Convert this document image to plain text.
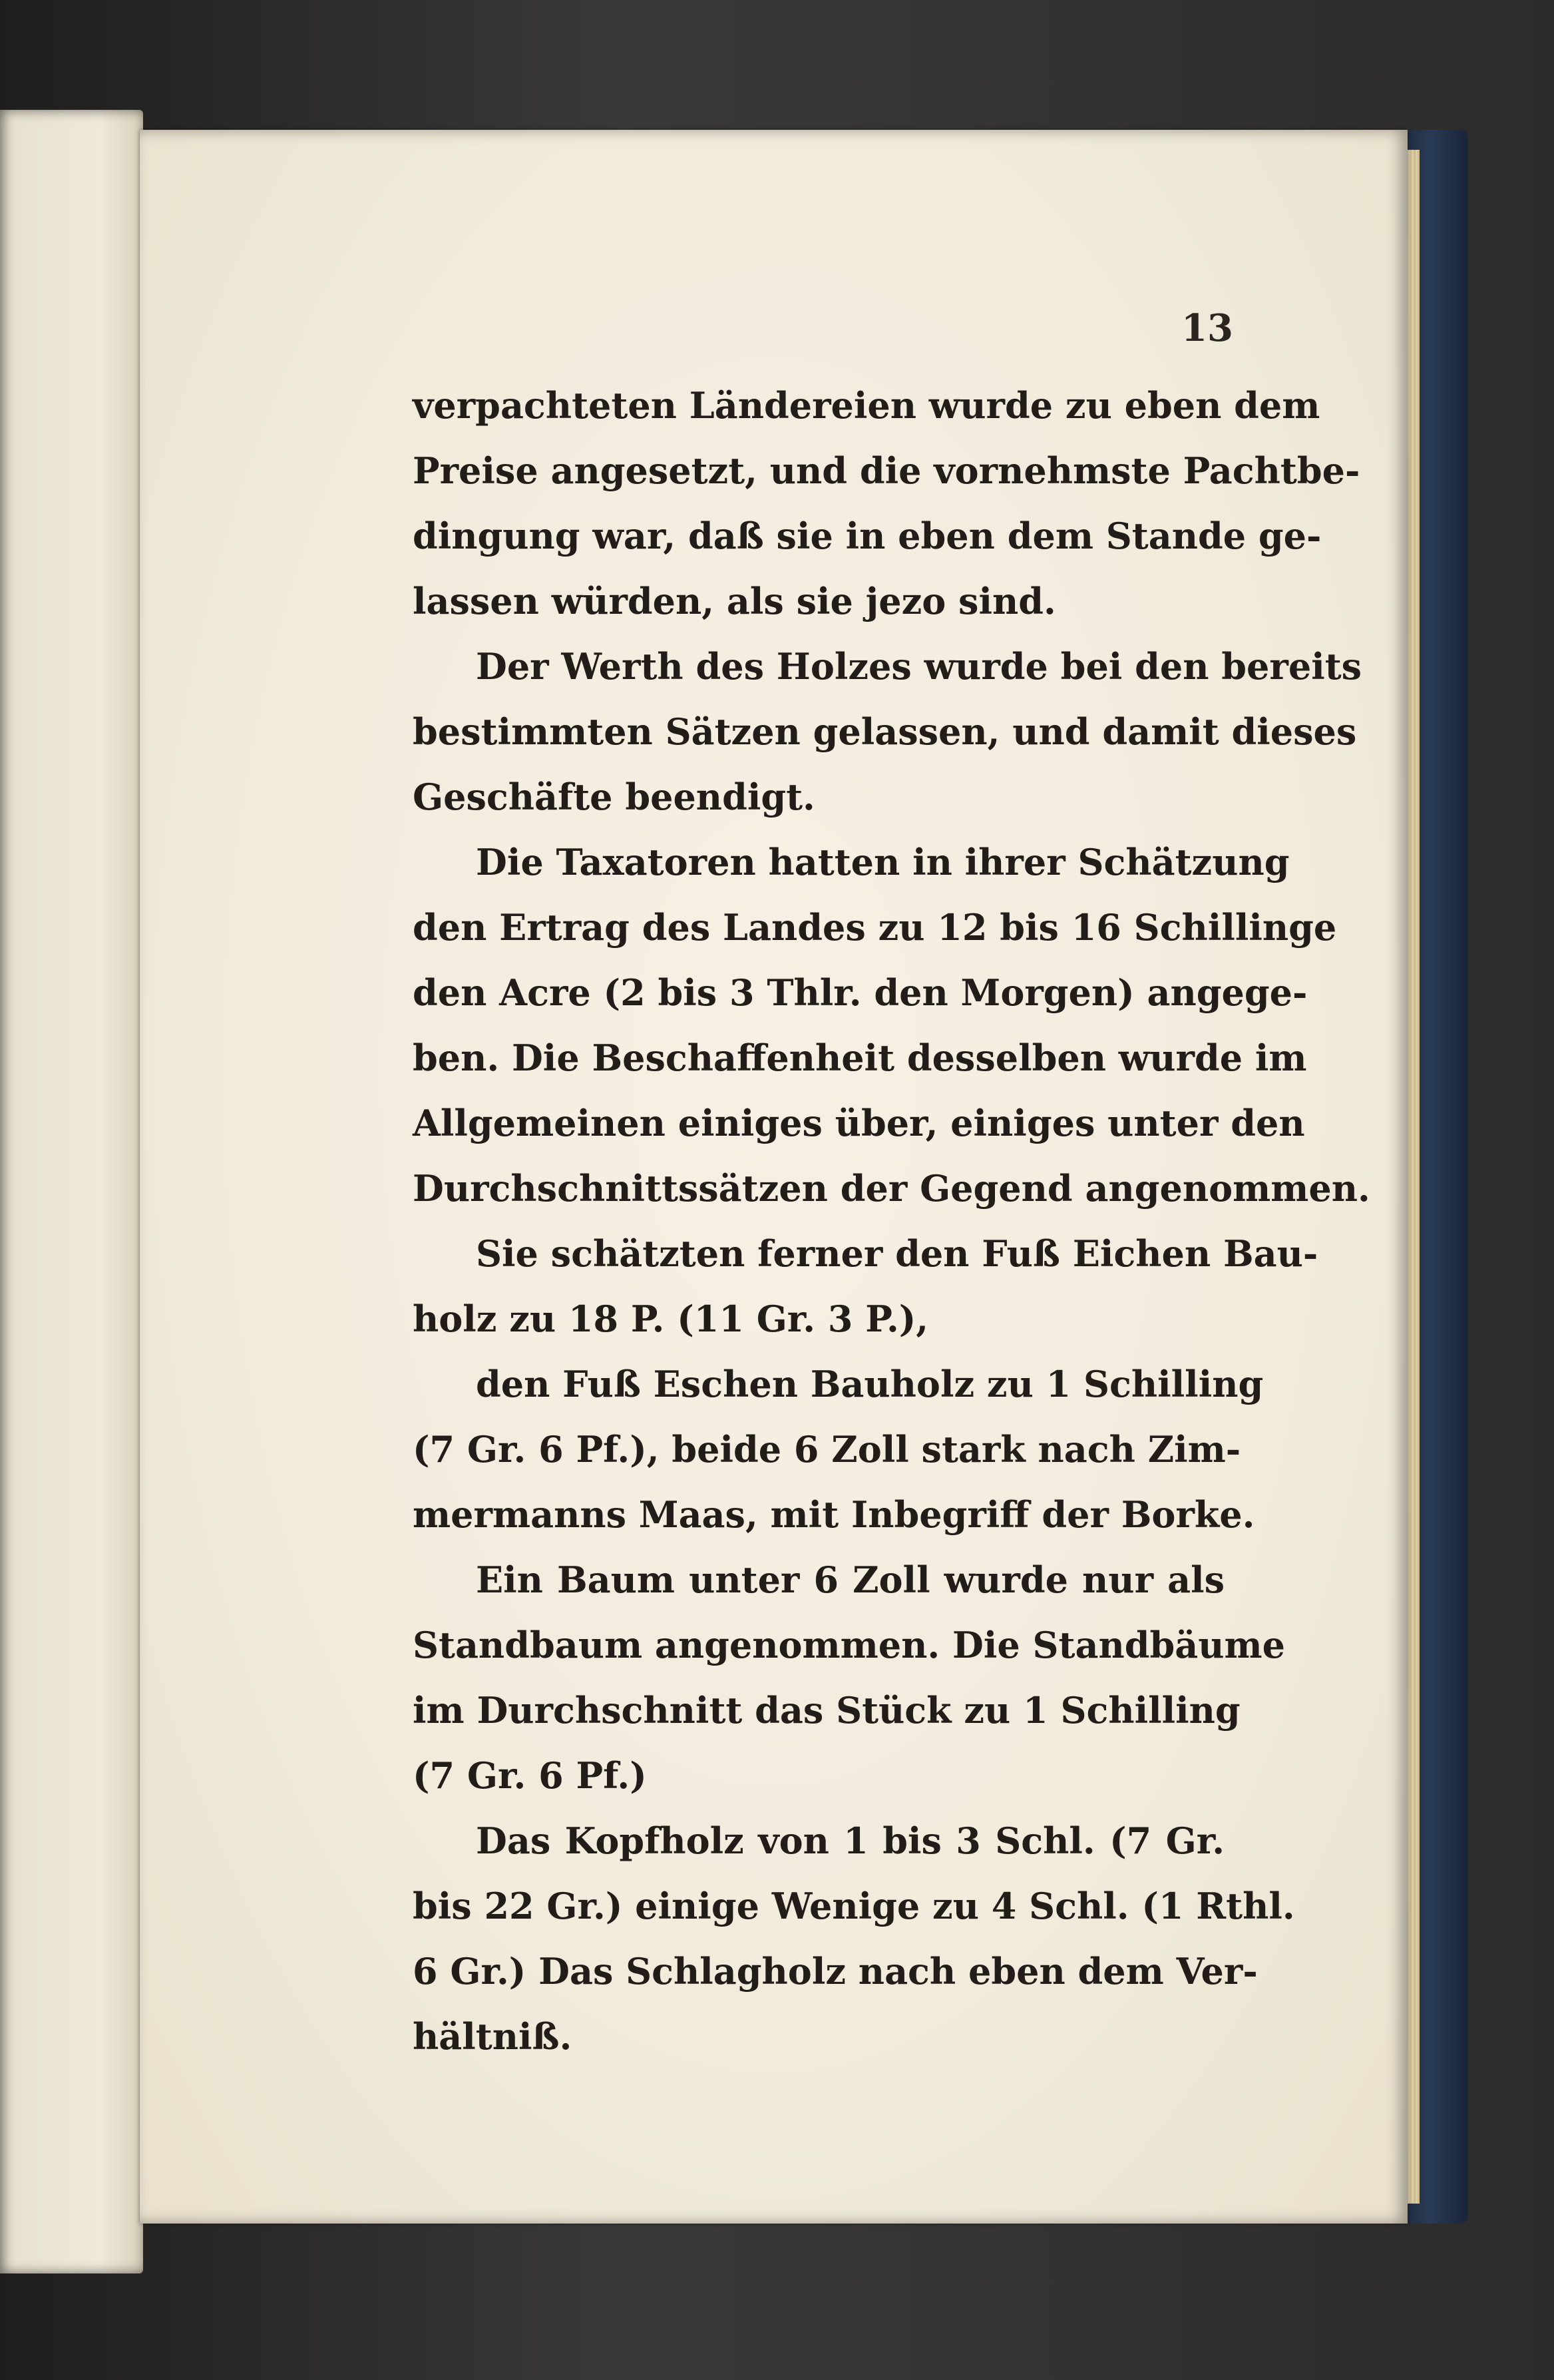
13
verpachteten Ländereien wurde zu eben dem
Preise angesetzt, und die vornehmste Pachtbe-
dingung war, daß sie in eben dem Stande ge-
lassen würden, als sie jezo sind.
Der Werth des Holzes wurde bei den bereits
bestimmten Sätzen gelassen, und damit dieses
Geschäfte beendigt.
Die Taxatoren hatten in ihrer Schätzung
den Ertrag des Landes zu 12 bis 16 Schillinge
den Acre (2 bis 3 Thlr. den Morgen) angege-
ben. Die Beschaffenheit desselben wurde im
Allgemeinen einiges über, einiges unter den
Durchschnittssätzen der Gegend angenommen.
Sie schätzten ferner den Fuß Eichen Bau-
holz zu 18 P. (11 Gr. 3 P.),
den Fuß Eschen Bauholz zu 1 Schilling
(7 Gr. 6 Pf.), beide 6 Zoll stark nach Zim-
mermanns Maas, mit Inbegriff der Borke.
Ein Baum unter 6 Zoll wurde nur als
Standbaum angenommen. Die Standbäume
im Durchschnitt das Stück zu 1 Schilling
(7 Gr. 6 Pf.)
Das Kopfholz von 1 bis 3 Schl. (7 Gr.
bis 22 Gr.) einige Wenige zu 4 Schl. (1 Rthl.
6 Gr.) Das Schlagholz nach eben dem Ver-
hältniß.
